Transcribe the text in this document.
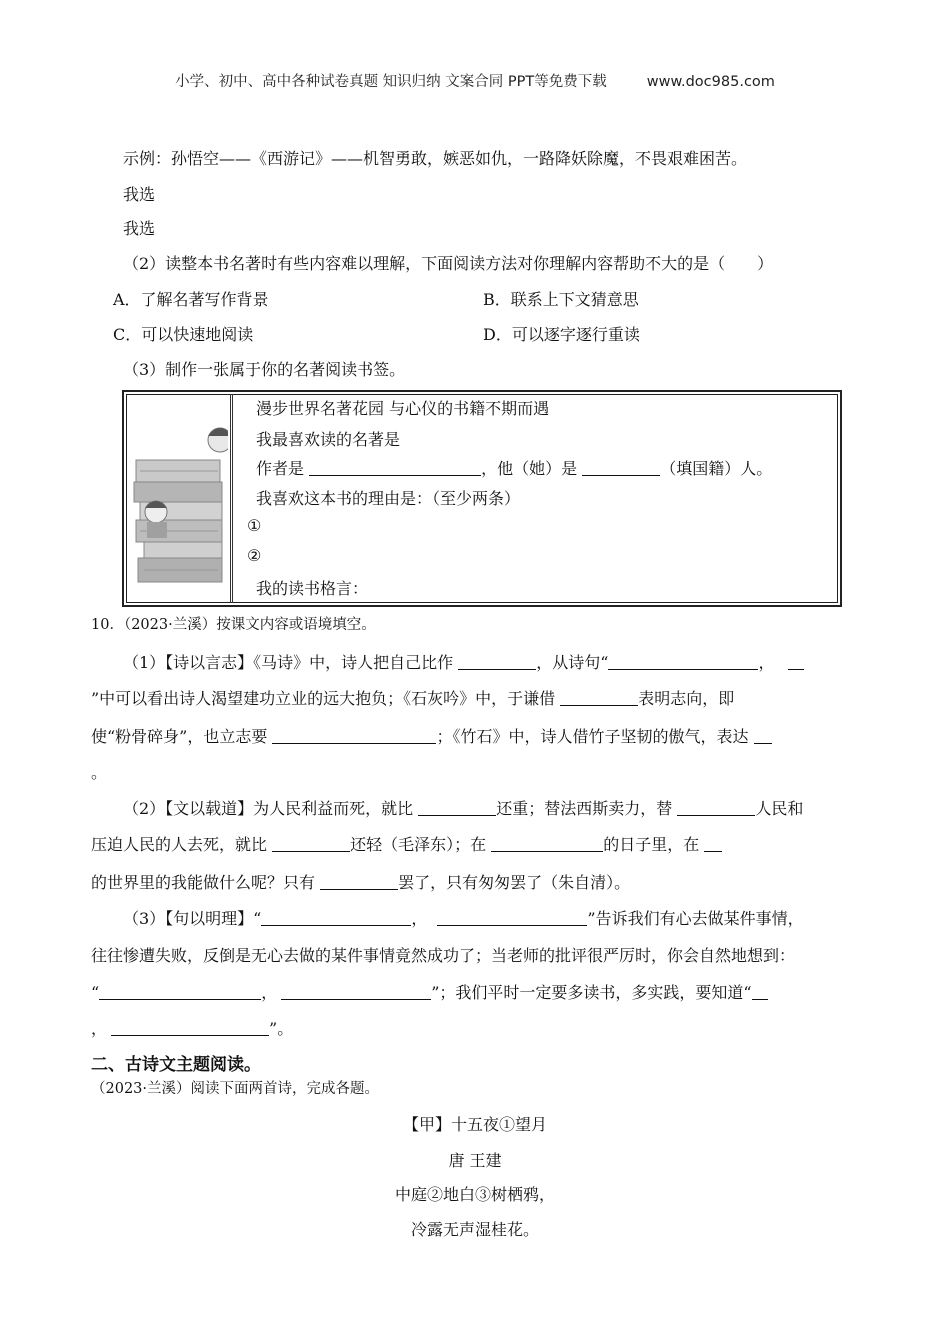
小学、初中、高中各种试卷真题 知识归纳 文案合同 PPT等免费下载	www.doc985.com
示例：孙悟空——《西游记》——机智勇敢，嫉恶如仇，一路降妖除魔，不畏艰难困苦。
我选
我选
（2）读整本书名著时有些内容难以理解，下面阅读方法对你理解内容帮助不大的是（　　）
A．了解名著写作背景	B．联系上下文猜意思
C．可以快速地阅读	D．可以逐字逐行重读
（3）制作一张属于你的名著阅读书签。
漫步世界名著花园 与心仪的书籍不期而遇
我最喜欢读的名著是
作者是	，他（她）是	（填国籍）人。
我喜欢这本书的理由是：（至少两条）
①
②
我的读书格言：
10．（2023·兰溪）按课文内容或语境填空。
（1）【诗以言志】《马诗》中，诗人把自己比作	，从诗句“	，
”中可以看出诗人渴望建功立业的远大抱负；《石灰吟》中，于谦借	表明志向，即
使“粉骨碎身”，也立志要	；《竹石》中，诗人借竹子坚韧的傲气，表达
。
（2）【文以载道】为人民利益而死，就比	还重；替法西斯卖力，替	人民和
压迫人民的人去死，就比	还轻（毛泽东）；在	的日子里，在
的世界里的我能做什么呢？只有	罢了，只有匆匆罢了（朱自清）。
（3）【句以明理】“	，	”告诉我们有心去做某件事情，
往往惨遭失败，反倒是无心去做的某件事情竟然成功了；当老师的批评很严厉时，你会自然地想到：
“	，	”；我们平时一定要多读书，多实践，要知道“
，	”。
二、古诗文主题阅读。
（2023·兰溪）阅读下面两首诗，完成各题。
【甲】十五夜①望月
唐 王建
中庭②地白③树栖鸦，
冷露无声湿桂花。
